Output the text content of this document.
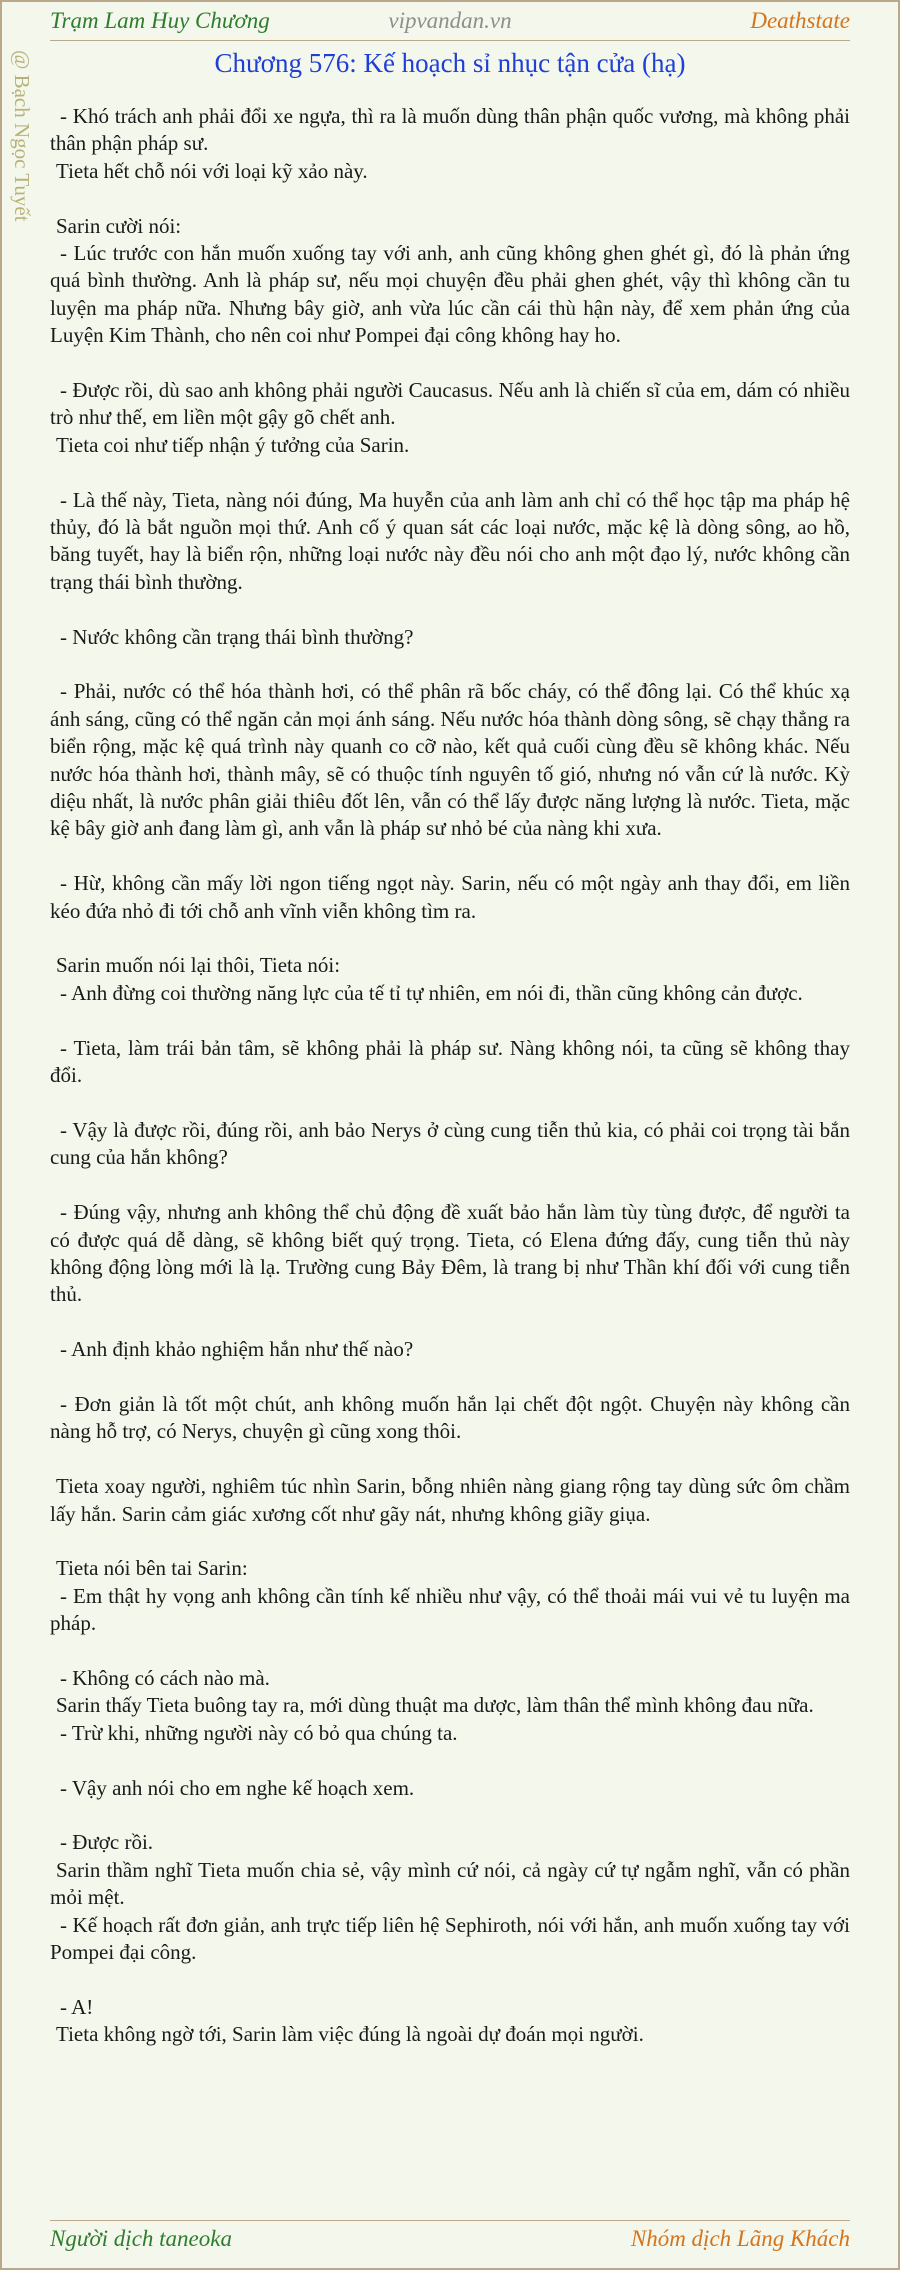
Trạm Lam Huy Chương	vipvandan.vn	Deathstate
@ Bạch Ngọc Tuyết	Chương 576: Kế hoạch sỉ nhục tận cửa (hạ)

- Khó trách anh phải đổi xe ngựa, thì ra là muốn dùng thân phận quốc vương, mà không phải thân phận pháp sư.

Tieta hết chỗ nói với loại kỹ xảo này.

Sarin cười nói:

- Lúc trước con hắn muốn xuống tay với anh, anh cũng không ghen ghét gì, đó là phản ứng quá bình thường. Anh là pháp sư, nếu mọi chuyện đều phải ghen ghét, vậy thì không cần tu luyện ma pháp nữa. Nhưng bây giờ, anh vừa lúc cần cái thù hận này, để xem phản ứng của Luyện Kim Thành, cho nên coi như Pompei đại công không hay ho.

- Được rồi, dù sao anh không phải người Caucasus. Nếu anh là chiến sĩ của em, dám có nhiều trò như thế, em liền một gậy gõ chết anh.

Tieta coi như tiếp nhận ý tưởng của Sarin.

- Là thế này, Tieta, nàng nói đúng, Ma huyễn của anh làm anh chỉ có thể học tập ma pháp hệ thủy, đó là bắt nguồn mọi thứ. Anh cố ý quan sát các loại nước, mặc kệ là dòng sông, ao hồ, băng tuyết, hay là biển rộn, những loại nước này đều nói cho anh một đạo lý, nước không cần trạng thái bình thường.

- Nước không cần trạng thái bình thường?

- Phải, nước có thể hóa thành hơi, có thể phân rã bốc cháy, có thể đông lại. Có thể khúc xạ ánh sáng, cũng có thể ngăn cản mọi ánh sáng. Nếu nước hóa thành dòng sông, sẽ chạy thẳng ra biển rộng, mặc kệ quá trình này quanh co cỡ nào, kết quả cuối cùng đều sẽ không khác. Nếu nước hóa thành hơi, thành mây, sẽ có thuộc tính nguyên tố gió, nhưng nó vẫn cứ là nước. Kỳ diệu nhất, là nước phân giải thiêu đốt lên, vẫn có thể lấy được năng lượng là nước. Tieta, mặc kệ bây giờ anh đang làm gì, anh vẫn là pháp sư nhỏ bé của nàng khi xưa.

- Hừ, không cần mấy lời ngon tiếng ngọt này. Sarin, nếu có một ngày anh thay đổi, em liền kéo đứa nhỏ đi tới chỗ anh vĩnh viễn không tìm ra.

Sarin muốn nói lại thôi, Tieta nói:

- Anh đừng coi thường năng lực của tế tỉ tự nhiên, em nói đi, thần cũng không cản được.

- Tieta, làm trái bản tâm, sẽ không phải là pháp sư. Nàng không nói, ta cũng sẽ không thay đổi.

- Vậy là được rồi, đúng rồi, anh bảo Nerys ở cùng cung tiễn thủ kia, có phải coi trọng tài bắn cung của hắn không?

- Đúng vậy, nhưng anh không thể chủ động đề xuất bảo hắn làm tùy tùng được, để người ta có được quá dễ dàng, sẽ không biết quý trọng. Tieta, có Elena đứng đấy, cung tiễn thủ này không động lòng mới là lạ. Trường cung Bảy Đêm, là trang bị như Thần khí đối với cung tiễn thủ.

- Anh định khảo nghiệm hắn như thế nào?

- Đơn giản là tốt một chút, anh không muốn hắn lại chết đột ngột. Chuyện này không cần nàng hỗ trợ, có Nerys, chuyện gì cũng xong thôi.

Tieta xoay người, nghiêm túc nhìn Sarin, bỗng nhiên nàng giang rộng tay dùng sức ôm chầm lấy hắn. Sarin cảm giác xương cốt như gãy nát, nhưng không giãy giụa.

Tieta nói bên tai Sarin:

- Em thật hy vọng anh không cần tính kế nhiều như vậy, có thể thoải mái vui vẻ tu luyện ma pháp.

- Không có cách nào mà.

Sarin thấy Tieta buông tay ra, mới dùng thuật ma dược, làm thân thể mình không đau nữa.

- Trừ khi, những người này có bỏ qua chúng ta.

- Vậy anh nói cho em nghe kế hoạch xem.

- Được rồi.

Sarin thầm nghĩ Tieta muốn chia sẻ, vậy mình cứ nói, cả ngày cứ tự ngẫm nghĩ, vẫn có phần mỏi mệt.

- Kế hoạch rất đơn giản, anh trực tiếp liên hệ Sephiroth, nói với hắn, anh muốn xuống tay với Pompei đại công.

- A!

Tieta không ngờ tới, Sarin làm việc đúng là ngoài dự đoán mọi người.

Người dịch taneoka	Nhóm dịch Lãng Khách
